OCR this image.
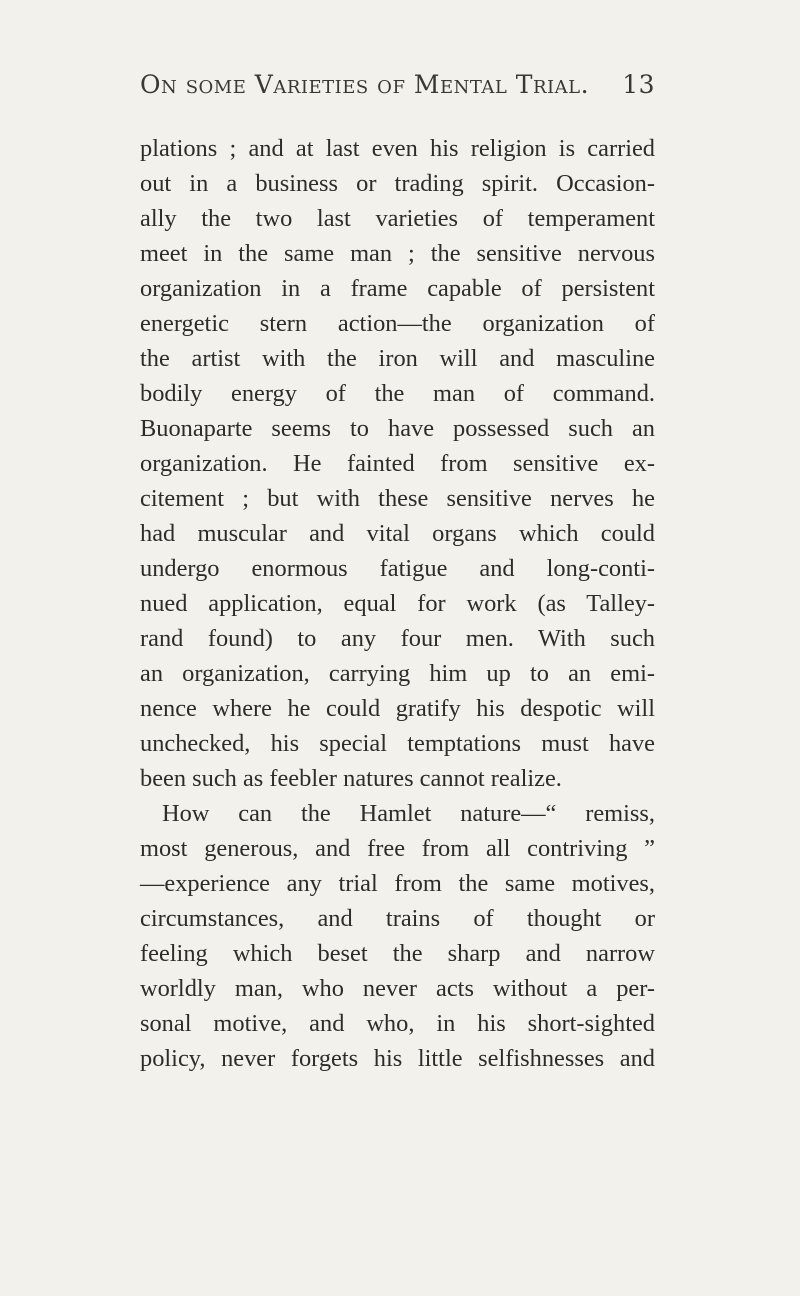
On some Varieties of Mental Trial. 13
plations ; and at last even his religion is carried
out in a business or trading spirit. Occasion-
ally the two last varieties of temperament
meet in the same man ; the sensitive nervous
organization in a frame capable of persistent
energetic stern action—the organization of
the artist with the iron will and masculine
bodily energy of the man of command.
Buonaparte seems to have possessed such an
organization. He fainted from sensitive ex-
citement ; but with these sensitive nerves he
had muscular and vital organs which could
undergo enormous fatigue and long-conti-
nued application, equal for work (as Talley-
rand found) to any four men. With such
an organization, carrying him up to an emi-
nence where he could gratify his despotic will
unchecked, his special temptations must have
been such as feebler natures cannot realize.
How can the Hamlet nature—“ remiss,
most generous, and free from all contriving ”
—experience any trial from the same motives,
circumstances, and trains of thought or
feeling which beset the sharp and narrow
worldly man, who never acts without a per-
sonal motive, and who, in his short-sighted
policy, never forgets his little selfishnesses and
